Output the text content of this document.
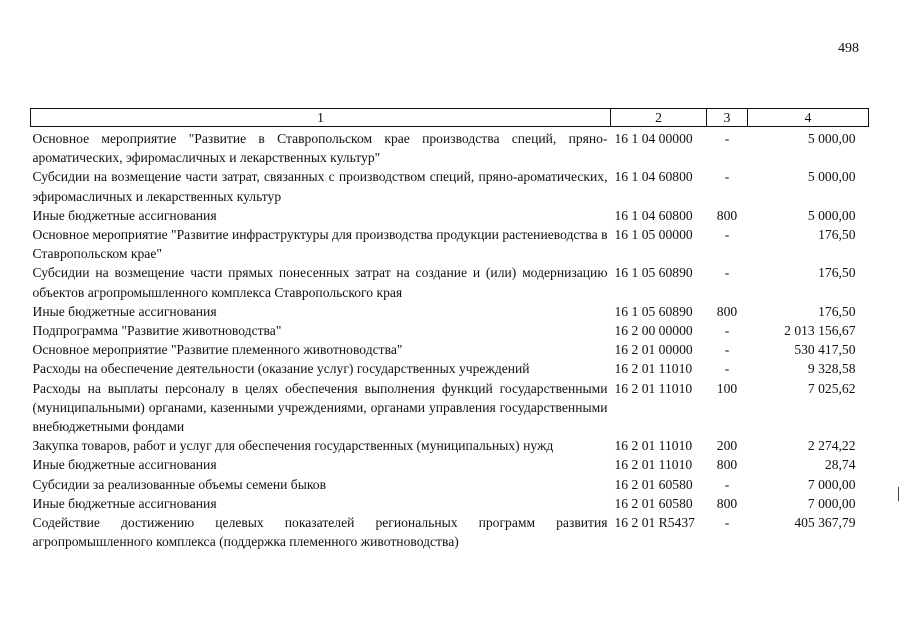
498
1	2	3	4
Основное мероприятие "Развитие в Ставропольском крае производства специй, пряно-ароматических, эфиромасличных и лекарственных культур"	16 1 04 00000	-	5 000,00
Субсидии на возмещение части затрат, связанных с производством специй, пряно-ароматических, эфиромасличных и лекарственных культур	16 1 04 60800	-	5 000,00
Иные бюджетные ассигнования	16 1 04 60800	800	5 000,00
Основное мероприятие "Развитие инфраструктуры для производства продукции растениеводства в Ставропольском крае"	16 1 05 00000	-	176,50
Субсидии на возмещение части прямых понесенных затрат на создание и (или) модернизацию объектов агропромышленного комплекса Ставропольского края	16 1 05 60890	-	176,50
Иные бюджетные ассигнования	16 1 05 60890	800	176,50
Подпрограмма "Развитие животноводства"	16 2 00 00000	-	2 013 156,67
Основное мероприятие "Развитие племенного животноводства"	16 2 01 00000	-	530 417,50
Расходы на обеспечение деятельности (оказание услуг) государственных учреждений	16 2 01 11010	-	9 328,58
Расходы на выплаты персоналу в целях обеспечения выполнения функций государственными (муниципальными) органами, казенными учреждениями, органами управления государственными внебюджетными фондами	16 2 01 11010	100	7 025,62
Закупка товаров, работ и услуг для обеспечения государственных (муниципальных) нужд	16 2 01 11010	200	2 274,22
Иные бюджетные ассигнования	16 2 01 11010	800	28,74
Субсидии за реализованные объемы семени быков	16 2 01 60580	-	7 000,00
Иные бюджетные ассигнования	16 2 01 60580	800	7 000,00
Содействие достижению целевых показателей региональных программ развития агропромышленного комплекса (поддержка племенного животноводства)	16 2 01 R5437	-	405 367,79
